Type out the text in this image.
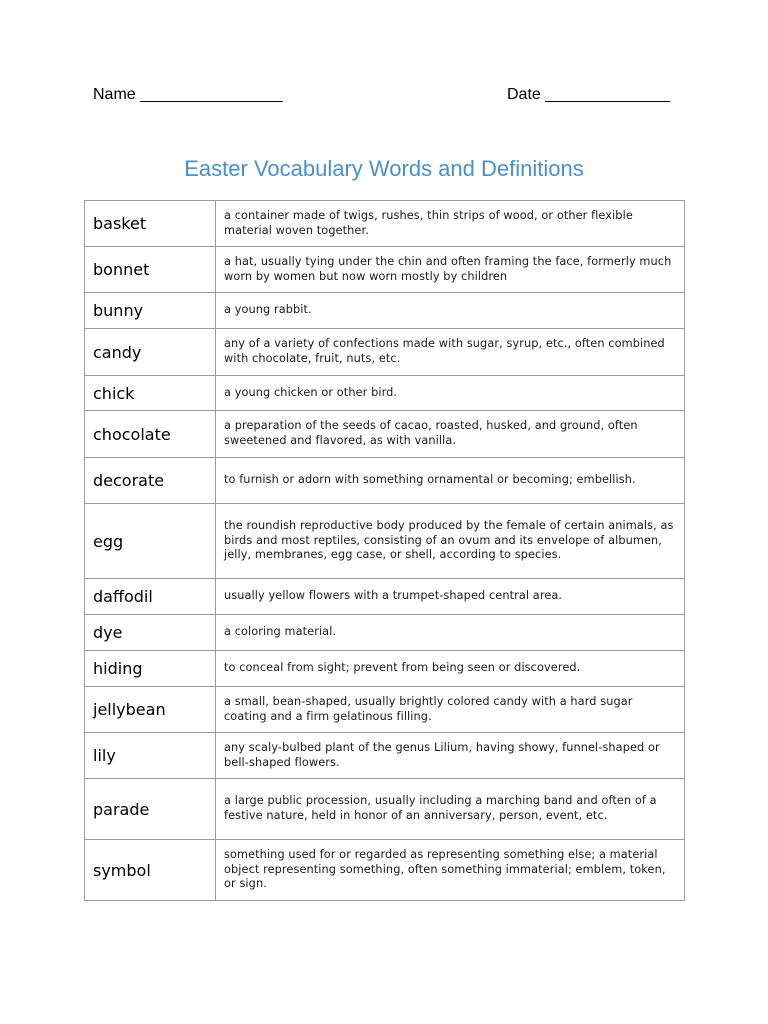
Name ________________	Date ______________
Easter Vocabulary Words and Definitions
basket	a container made of twigs, rushes, thin strips of wood, or other flexible material woven together.
bonnet	a hat, usually tying under the chin and often framing the face, formerly much worn by women but now worn mostly by children
bunny	a young rabbit.
candy	any of a variety of confections made with sugar, syrup, etc., often combined with chocolate, fruit, nuts, etc.
chick	a young chicken or other bird.
chocolate	a preparation of the seeds of cacao, roasted, husked, and ground, often sweetened and flavored, as with vanilla.
decorate	to furnish or adorn with something ornamental or becoming; embellish.
egg	the roundish reproductive body produced by the female of certain animals, as birds and most reptiles, consisting of an ovum and its envelope of albumen, jelly, membranes, egg case, or shell, according to species.
daffodil	usually yellow flowers with a trumpet-shaped central area.
dye	a coloring material.
hiding	to conceal from sight; prevent from being seen or discovered.
jellybean	a small, bean-shaped, usually brightly colored candy with a hard sugar coating and a firm gelatinous filling.
lily	any scaly-bulbed plant of the genus Lilium, having showy, funnel-shaped or bell-shaped flowers.
parade	a large public procession, usually including a marching band and often of a festive nature, held in honor of an anniversary, person, event, etc.
symbol	something used for or regarded as representing something else; a material object representing something, often something immaterial; emblem, token, or sign.
